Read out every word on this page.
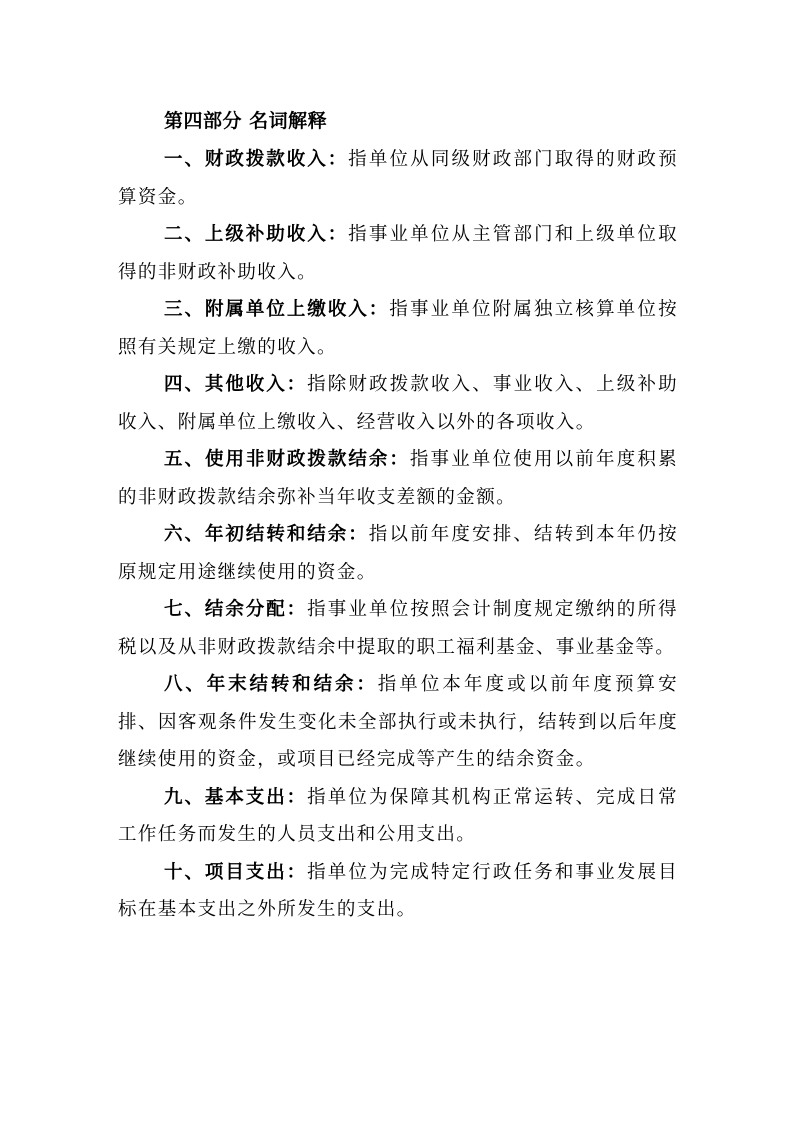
第四部分 名词解释

一、财政拨款收入：指单位从同级财政部门取得的财政预算资金。

二、上级补助收入：指事业单位从主管部门和上级单位取得的非财政补助收入。

三、附属单位上缴收入：指事业单位附属独立核算单位按照有关规定上缴的收入。

四、其他收入：指除财政拨款收入、事业收入、上级补助收入、附属单位上缴收入、经营收入以外的各项收入。

五、使用非财政拨款结余：指事业单位使用以前年度积累的非财政拨款结余弥补当年收支差额的金额。

六、年初结转和结余：指以前年度安排、结转到本年仍按原规定用途继续使用的资金。

七、结余分配：指事业单位按照会计制度规定缴纳的所得税以及从非财政拨款结余中提取的职工福利基金、事业基金等。

八、年末结转和结余：指单位本年度或以前年度预算安排、因客观条件发生变化未全部执行或未执行，结转到以后年度继续使用的资金，或项目已经完成等产生的结余资金。

九、基本支出：指单位为保障其机构正常运转、完成日常工作任务而发生的人员支出和公用支出。

十、项目支出：指单位为完成特定行政任务和事业发展目标在基本支出之外所发生的支出。
